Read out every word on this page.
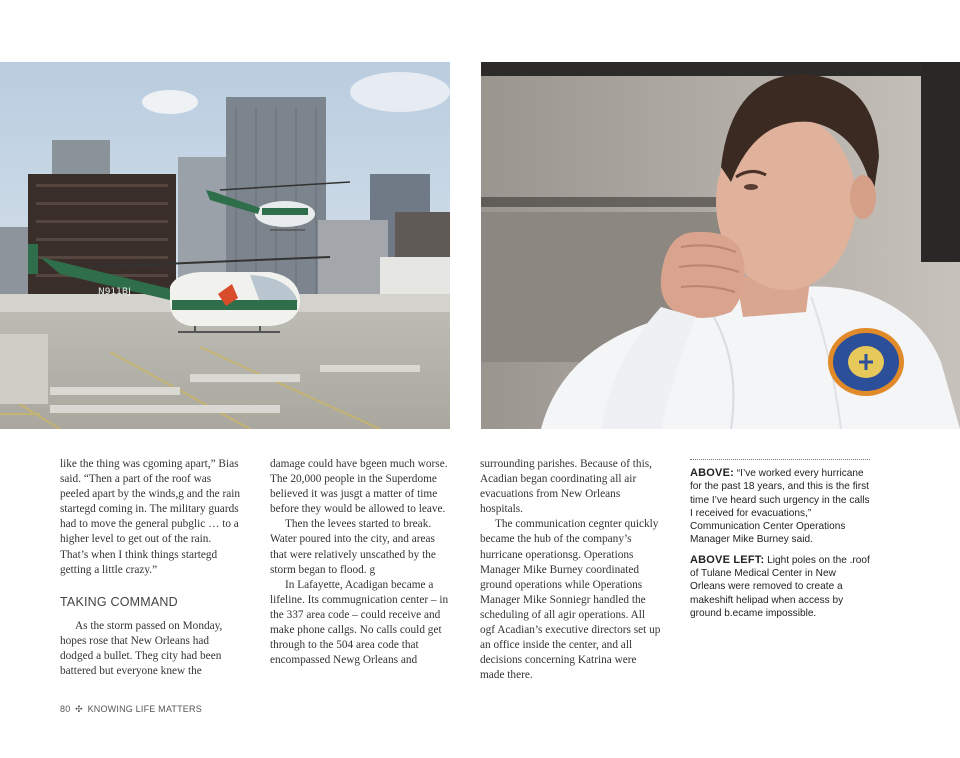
N911BJ

like the thing was cgoming apart,” Bias said. “Then a part of the roof was peeled apart by the winds,g and the rain startegd coming in. The military guards had to move the general pubglic … to a higher level to get out of the rain. That’s when I think things startegd getting a little crazy.”

TAKING COMMAND

As the storm passed on Monday, hopes rose that New Orleans had dodged a bullet. Theg city had been battered but everyone knew the

damage could have bgeen much worse. The 20,000 people in the Superdome believed it was jusgt a matter of time before they would be allowed to leave.

Then the levees started to break. Water poured into the city, and areas that were relatively unscathed by the storm began to flood. g

In Lafayette, Acadigan became a lifeline. Its commugnication center – in the 337 area code – could receive and make phone callgs. No calls could get through to the 504 area code that encompassed Newg Orleans and

surrounding parishes. Because of this, Acadian began coordinating all air evacuations from New Orleans hospitals.

The communication cegnter quickly became the hub of the company’s hurricane operationsg. Operations Manager Mike Burney coordinated ground operations while Operations Manager Mike Sonniegr handled the scheduling of all agir operations. All ogf Acadian’s executive directors set up an office inside the center, and all decisions concerning Katrina were made there.

ABOVE: “I’ve worked every hurricane for the past 18 years, and this is the first time I’ve heard such urgency in the calls I received for evacuations,” Communication Center Operations Manager Mike Burney said.

ABOVE LEFT: Light poles on the .roof of Tulane Medical Center in New Orleans were removed to create a makeshift helipad when access by ground b.ecame impossible.

80 ✣ KNOWING LIFE MATTERS
